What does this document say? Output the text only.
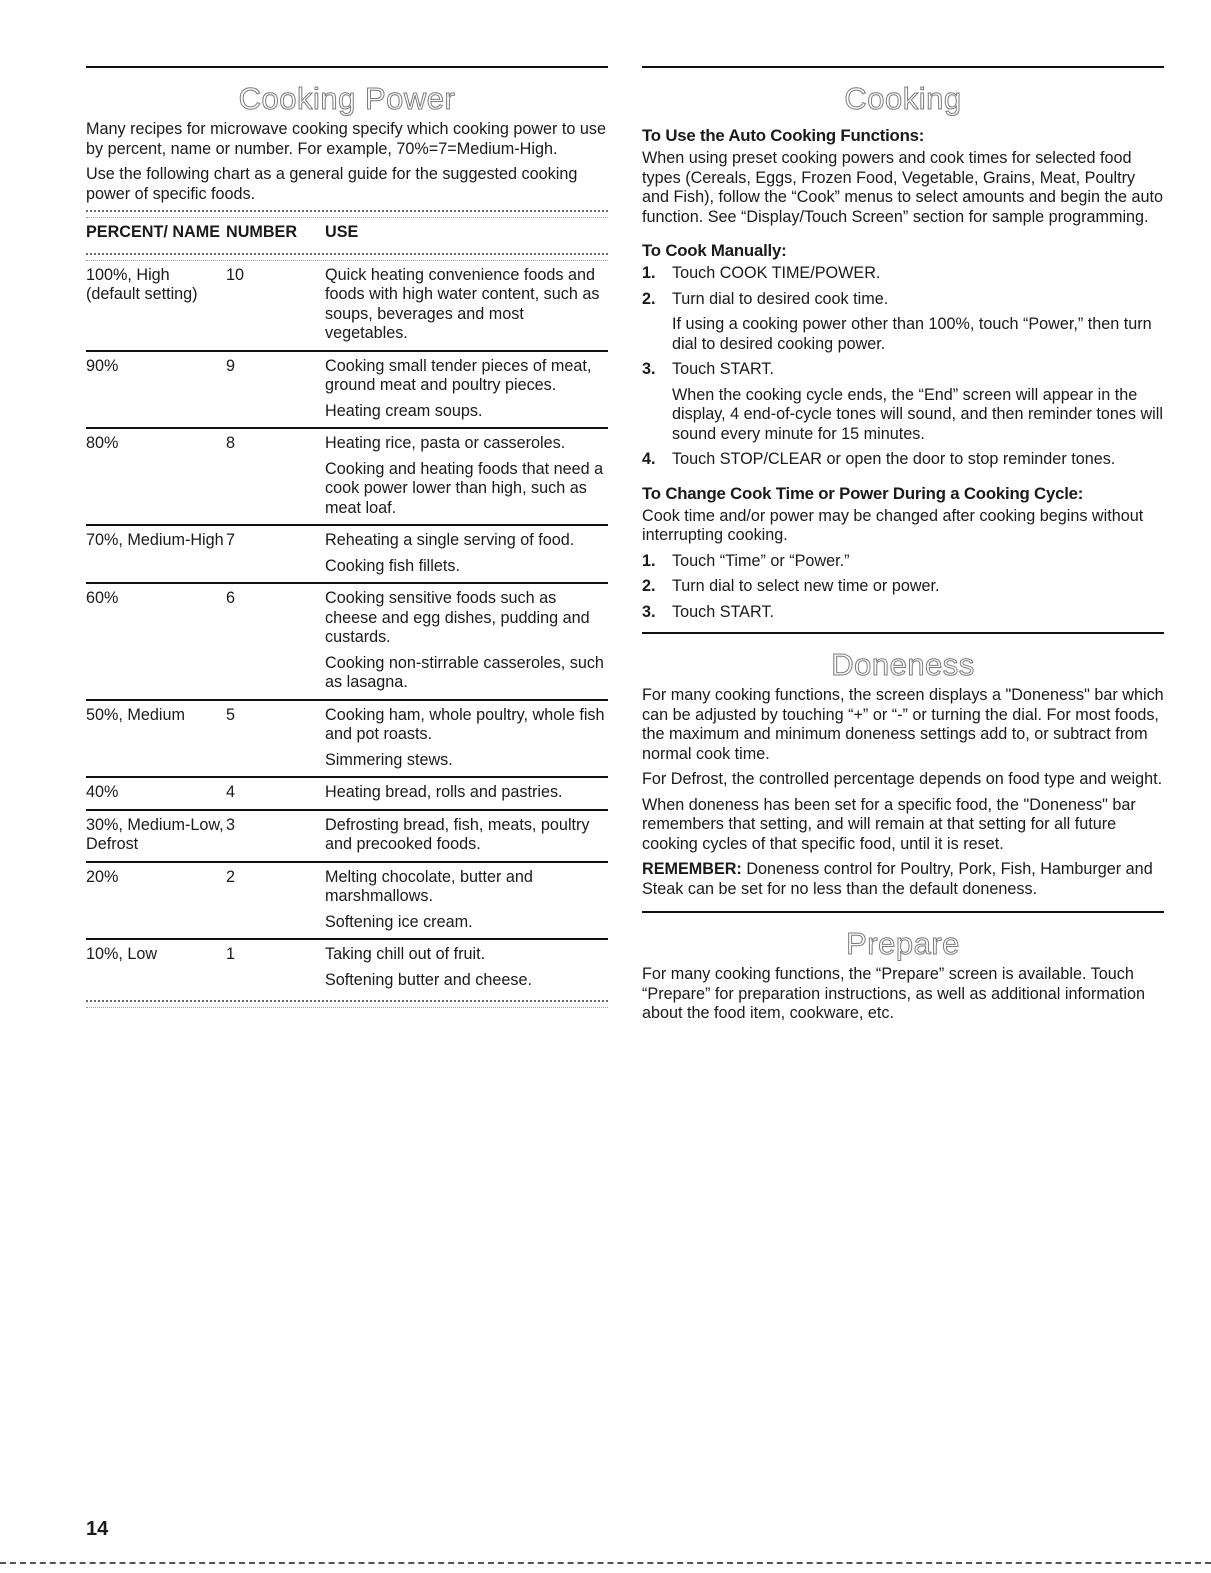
Cooking Power

Many recipes for microwave cooking specify which cooking power to use by percent, name or number. For example, 70%=7=Medium-High.

Use the following chart as a general guide for the suggested cooking power of specific foods.

PERCENT/ NAME	NUMBER	USE

100%, High (default setting)	10	Quick heating convenience foods and foods with high water content, such as soups, beverages and most vegetables.

90%	9	Cooking small tender pieces of meat, ground meat and poultry pieces.
Heating cream soups.

80%	8	Heating rice, pasta or casseroles.
Cooking and heating foods that need a cook power lower than high, such as meat loaf.

70%, Medium-High	7	Reheating a single serving of food.
Cooking fish fillets.

60%	6	Cooking sensitive foods such as cheese and egg dishes, pudding and custards.
Cooking non-stirrable casseroles, such as lasagna.

50%, Medium	5	Cooking ham, whole poultry, whole fish and pot roasts.
Simmering stews.

40%	4	Heating bread, rolls and pastries.

30%, Medium-Low, Defrost	3	Defrosting bread, fish, meats, poultry and precooked foods.

20%	2	Melting chocolate, butter and marshmallows.
Softening ice cream.

10%, Low	1	Taking chill out of fruit.
Softening butter and cheese.
Cooking
To Use the Auto Cooking Functions:

When using preset cooking powers and cook times for selected food types (Cereals, Eggs, Frozen Food, Vegetable, Grains, Meat, Poultry and Fish), follow the “Cook” menus to select amounts and begin the auto function. See “Display/Touch Screen” section for sample programming.

To Cook Manually:
1. Touch COOK TIME/POWER.
2. Turn dial to desired cook time.
If using a cooking power other than 100%, touch “Power,” then turn dial to desired cooking power.
3. Touch START.
When the cooking cycle ends, the “End” screen will appear in the display, 4 end-of-cycle tones will sound, and then reminder tones will sound every minute for 15 minutes.
4. Touch STOP/CLEAR or open the door to stop reminder tones.
To Change Cook Time or Power During a Cooking Cycle:

Cook time and/or power may be changed after cooking begins without interrupting cooking.

1. Touch “Time” or “Power.”
2. Turn dial to select new time or power.
3. Touch START.
Doneness

For many cooking functions, the screen displays a "Doneness" bar which can be adjusted by touching “+” or “-” or turning the dial. For most foods, the maximum and minimum doneness settings add to, or subtract from normal cook time.

For Defrost, the controlled percentage depends on food type and weight.

When doneness has been set for a specific food, the "Doneness" bar remembers that setting, and will remain at that setting for all future cooking cycles of that specific food, until it is reset.

REMEMBER: Doneness control for Poultry, Pork, Fish, Hamburger and Steak can be set for no less than the default doneness.

Prepare

For many cooking functions, the “Prepare” screen is available. Touch “Prepare” for preparation instructions, as well as additional information about the food item, cookware, etc.

14
